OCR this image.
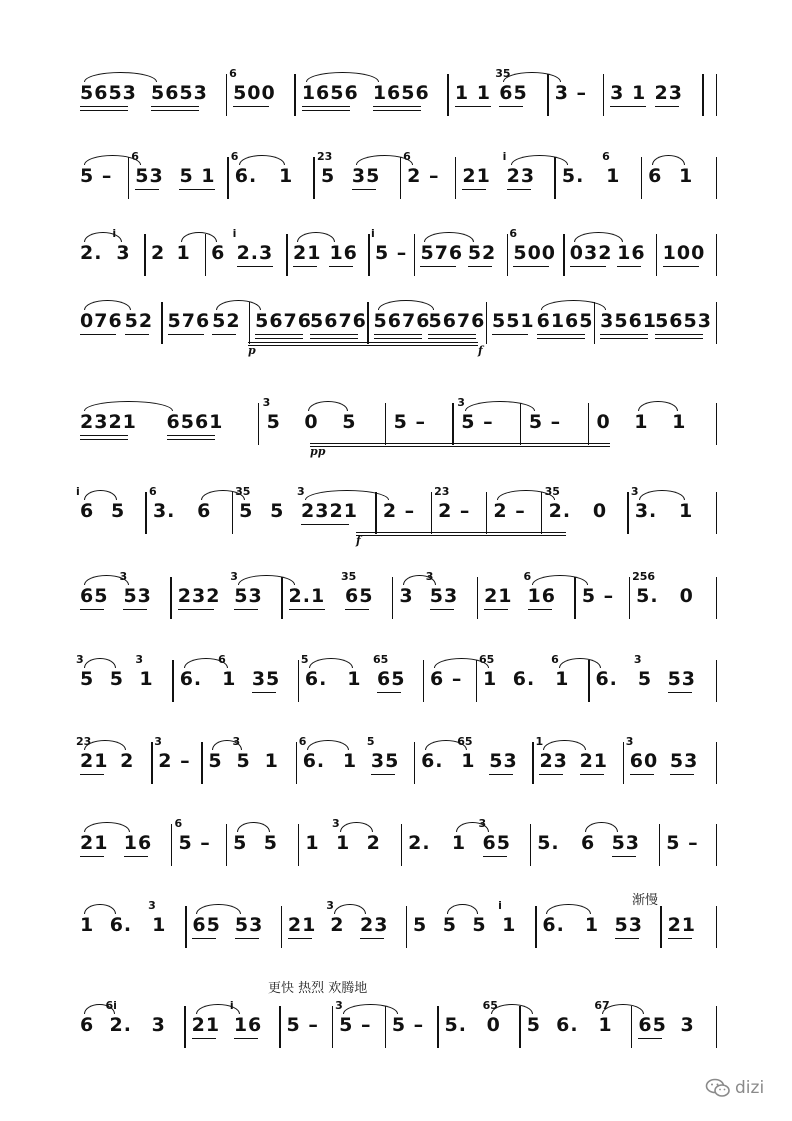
5653 5653 500 1656 1656 1 1 65 3 – 3 1 23
6	35
5 – 53 5 1 6. 1 5 35 2 – 21 23 5. 1 6 1
6	6	23	6	i	6
2. 3 2 1 6 2.3 21 16 5 – 576 52 500 032 16 100
i	i	i	6
076 52 576 52 5676
5676 5676
5676 551 6165 3561
5653
p	f
2321 6561 5 0 5 5 – 5 – 5 – 0 1 1
3	3
pp
6 5 3. 6 5 5 2321 2 – 2 – 2 – 2. 0 3. 1
i	6	35	3	23	35	3
f
65 53 232 53 2.1 65 3 53 21 16 5 – 5. 0
3	3	35	3	6	256
5 5 1 6. 1 35 6. 1 65 6 – 1 6. 1 6. 5 53
3	3	6	5	65	65	6	3
21 2 2 – 5 5 1 6. 1 35 6. 1 53 23 21 60 53
23	3	3	6	5	65	1	3
21 16 5 – 5 5 1 1 2 2. 1 65 5. 6 53 5 –
6	3	3
1 6. 1 65 53 21 2 23 5 5 5 1 6. 1 53 21
3	3	i
6 2. 3 21 16 5 – 5 – 5 – 5. 0 5 6. 1 65 3
6i	i	3	65	67
渐慢
更快 热烈 欢腾地
dizi
